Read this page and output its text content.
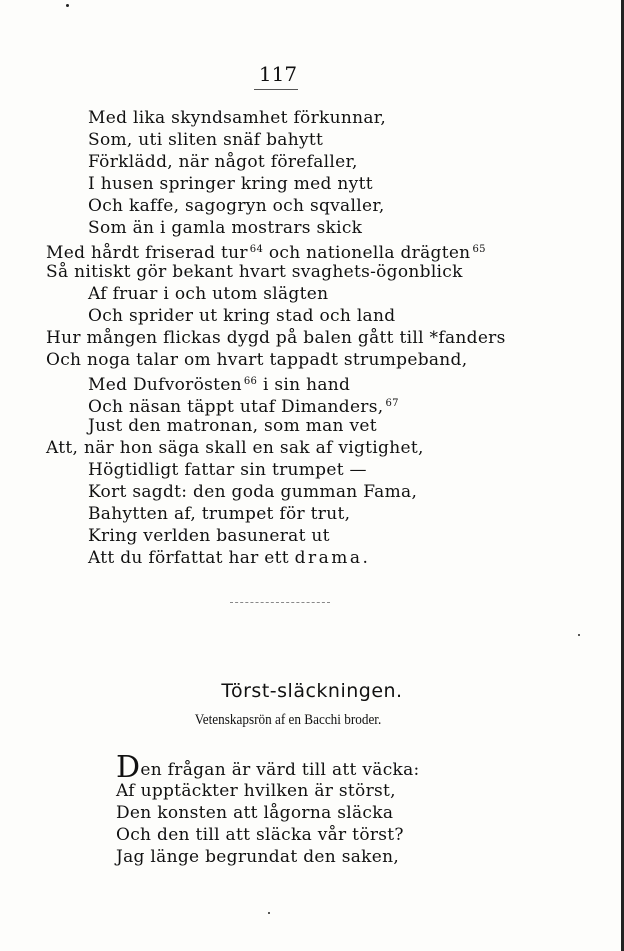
117
Med lika skyndsamhet förkunnar,
Som, uti sliten snäf bahytt
Förklädd, när något förefaller,
I husen springer kring med nytt
Och kaffe, sagogryn och sqvaller,
Som än i gamla mostrars skick
Med hårdt friserad tur $^{64}$ och nationella drägten $^{65}$
Så nitiskt gör bekant hvart svaghets-ögonblick
Af fruar i och utom slägten
Och sprider ut kring stad och land
Hur mången flickas dygd på balen gått till *fanders
Och noga talar om hvart tappadt strumpeband,
Med Dufvorösten $^{66}$ i sin hand
Och näsan täppt utaf Dimanders, $^{67}$
Just den matronan, som man vet
Att, när hon säga skall en sak af vigtighet,
Högtidligt fattar sin trumpet —
Kort sagdt: den goda gumman Fama,
Bahytten af, trumpet för trut,
Kring verlden basunerat ut
Att du författat har ett drama.
Törst-släckningen.
Vetenskapsrön af en Bacchi broder.
Den frågan är värd till att väcka:
Af upptäckter hvilken är störst,
Den konsten att lågorna släcka
Och den till att släcka vår törst?
Jag länge begrundat den saken,
